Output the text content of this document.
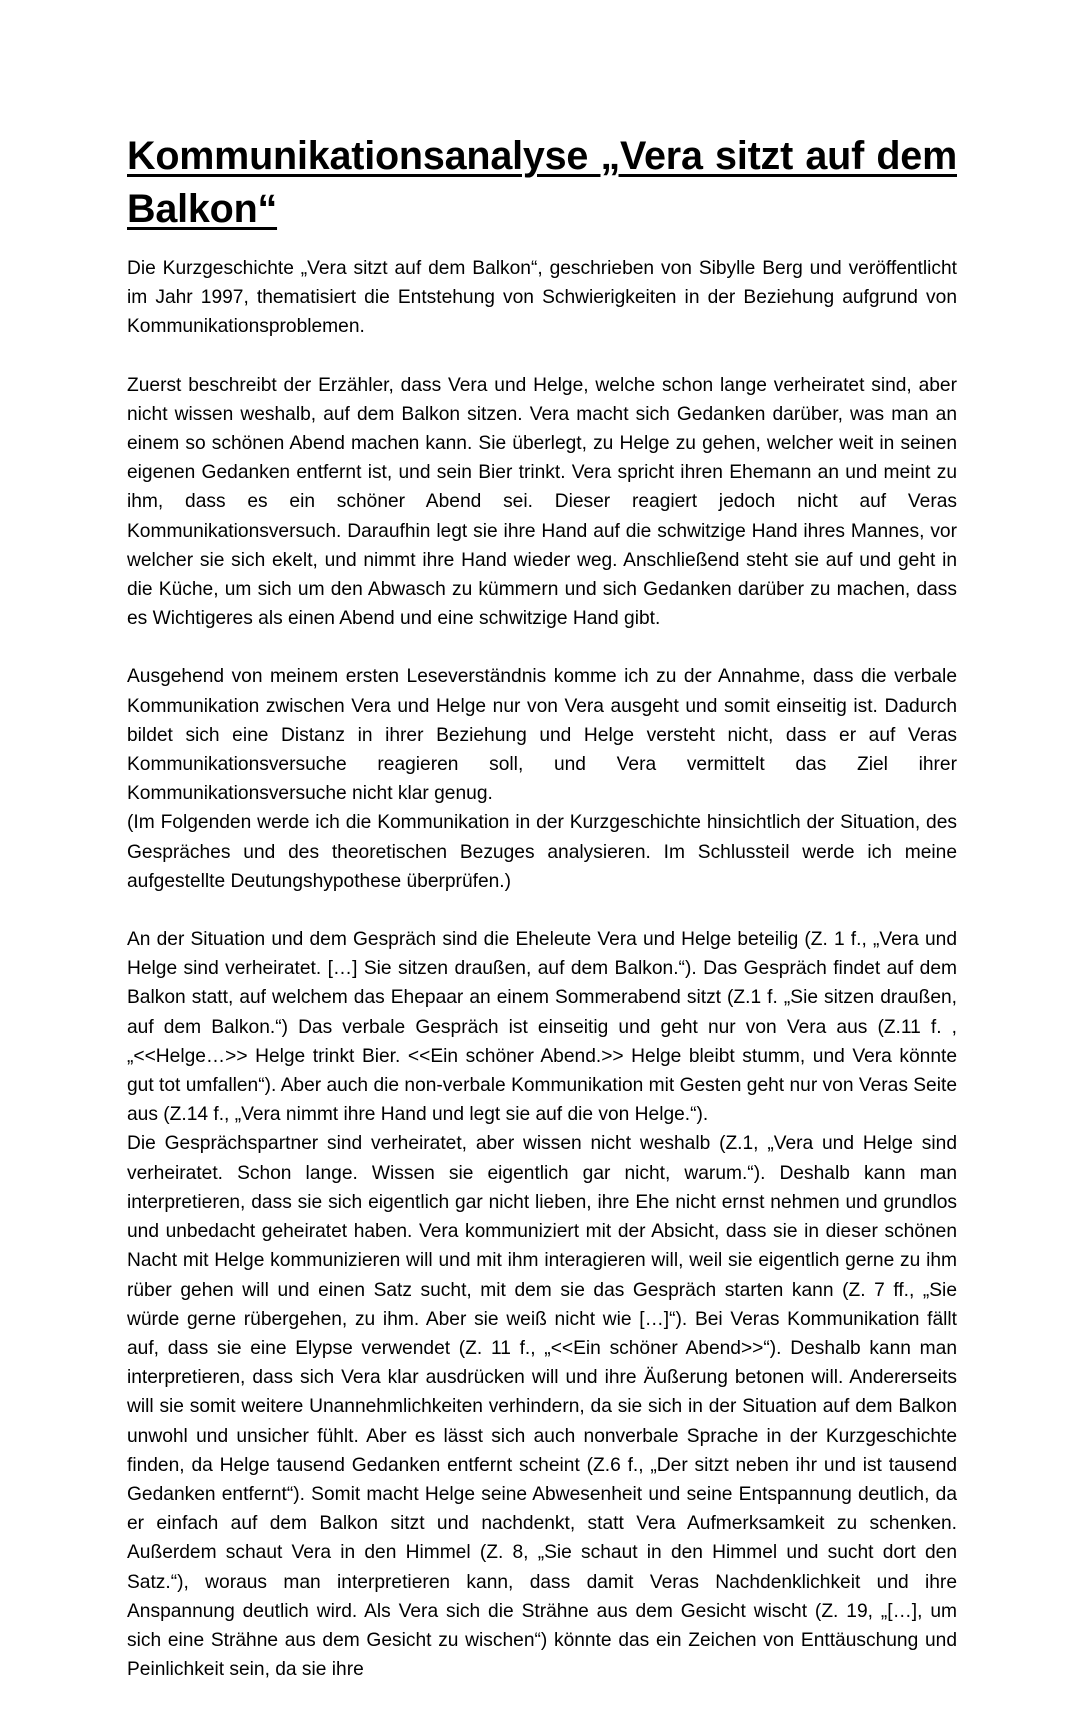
Kommunikationsanalyse „Vera sitzt auf dem
Balkon“

Die Kurzgeschichte „Vera sitzt auf dem Balkon“, geschrieben von Sibylle Berg und veröffentlicht im Jahr 1997, thematisiert die Entstehung von Schwierigkeiten in der Beziehung aufgrund von Kommunikationsproblemen.

Zuerst beschreibt der Erzähler, dass Vera und Helge, welche schon lange verheiratet sind, aber nicht wissen weshalb, auf dem Balkon sitzen. Vera macht sich Gedanken darüber, was man an einem so schönen Abend machen kann. Sie überlegt, zu Helge zu gehen, welcher weit in seinen eigenen Gedanken entfernt ist, und sein Bier trinkt. Vera spricht ihren Ehemann an und meint zu ihm, dass es ein schöner Abend sei. Dieser reagiert jedoch nicht auf Veras Kommunikationsversuch. Daraufhin legt sie ihre Hand auf die schwitzige Hand ihres Mannes, vor welcher sie sich ekelt, und nimmt ihre Hand wieder weg. Anschließend steht sie auf und geht in die Küche, um sich um den Abwasch zu kümmern und sich Gedanken darüber zu machen, dass es Wichtigeres als einen Abend und eine schwitzige Hand gibt.

Ausgehend von meinem ersten Leseverständnis komme ich zu der Annahme, dass die verbale Kommunikation zwischen Vera und Helge nur von Vera ausgeht und somit einseitig ist. Dadurch bildet sich eine Distanz in ihrer Beziehung und Helge versteht nicht, dass er auf Veras Kommunikationsversuche reagieren soll, und Vera vermittelt das Ziel ihrer Kommunikationsversuche nicht klar genug.

(Im Folgenden werde ich die Kommunikation in der Kurzgeschichte hinsichtlich der Situation, des Gespräches und des theoretischen Bezuges analysieren. Im Schlussteil werde ich meine aufgestellte Deutungshypothese überprüfen.)

An der Situation und dem Gespräch sind die Eheleute Vera und Helge beteilig (Z. 1 f., „Vera und Helge sind verheiratet. […] Sie sitzen draußen, auf dem Balkon.“). Das Gespräch findet auf dem Balkon statt, auf welchem das Ehepaar an einem Sommerabend sitzt (Z.1 f. „Sie sitzen draußen, auf dem Balkon.“) Das verbale Gespräch ist einseitig und geht nur von Vera aus (Z.11 f. , „<<Helge…>> Helge trinkt Bier. <<Ein schöner Abend.>> Helge bleibt stumm, und Vera könnte gut tot umfallen“). Aber auch die non-verbale Kommunikation mit Gesten geht nur von Veras Seite aus (Z.14 f., „Vera nimmt ihre Hand und legt sie auf die von Helge.“).

Die Gesprächspartner sind verheiratet, aber wissen nicht weshalb (Z.1, „Vera und Helge sind verheiratet. Schon lange. Wissen sie eigentlich gar nicht, warum.“). Deshalb kann man interpretieren, dass sie sich eigentlich gar nicht lieben, ihre Ehe nicht ernst nehmen und grundlos und unbedacht geheiratet haben. Vera kommuniziert mit der Absicht, dass sie in dieser schönen Nacht mit Helge kommunizieren will und mit ihm interagieren will, weil sie eigentlich gerne zu ihm rüber gehen will und einen Satz sucht, mit dem sie das Gespräch starten kann (Z. 7 ff., „Sie würde gerne rübergehen, zu ihm. Aber sie weiß nicht wie […]“). Bei Veras Kommunikation fällt auf, dass sie eine Elypse verwendet (Z. 11 f., „<<Ein schöner Abend>>“). Deshalb kann man interpretieren, dass sich Vera klar ausdrücken will und ihre Äußerung betonen will. Andererseits will sie somit weitere Unannehmlichkeiten verhindern, da sie sich in der Situation auf dem Balkon unwohl und unsicher fühlt. Aber es lässt sich auch nonverbale Sprache in der Kurzgeschichte finden, da Helge tausend Gedanken entfernt scheint (Z.6 f., „Der sitzt neben ihr und ist tausend Gedanken entfernt“). Somit macht Helge seine Abwesenheit und seine Entspannung deutlich, da er einfach auf dem Balkon sitzt und nachdenkt, statt Vera Aufmerksamkeit zu schenken. Außerdem schaut Vera in den Himmel (Z. 8, „Sie schaut in den Himmel und sucht dort den Satz.“), woraus man interpretieren kann, dass damit Veras Nachdenklichkeit und ihre Anspannung deutlich wird. Als Vera sich die Strähne aus dem Gesicht wischt (Z. 19, „[…], um sich eine Strähne aus dem Gesicht zu wischen“) könnte das ein Zeichen von Enttäuschung und Peinlichkeit sein, da sie ihre
